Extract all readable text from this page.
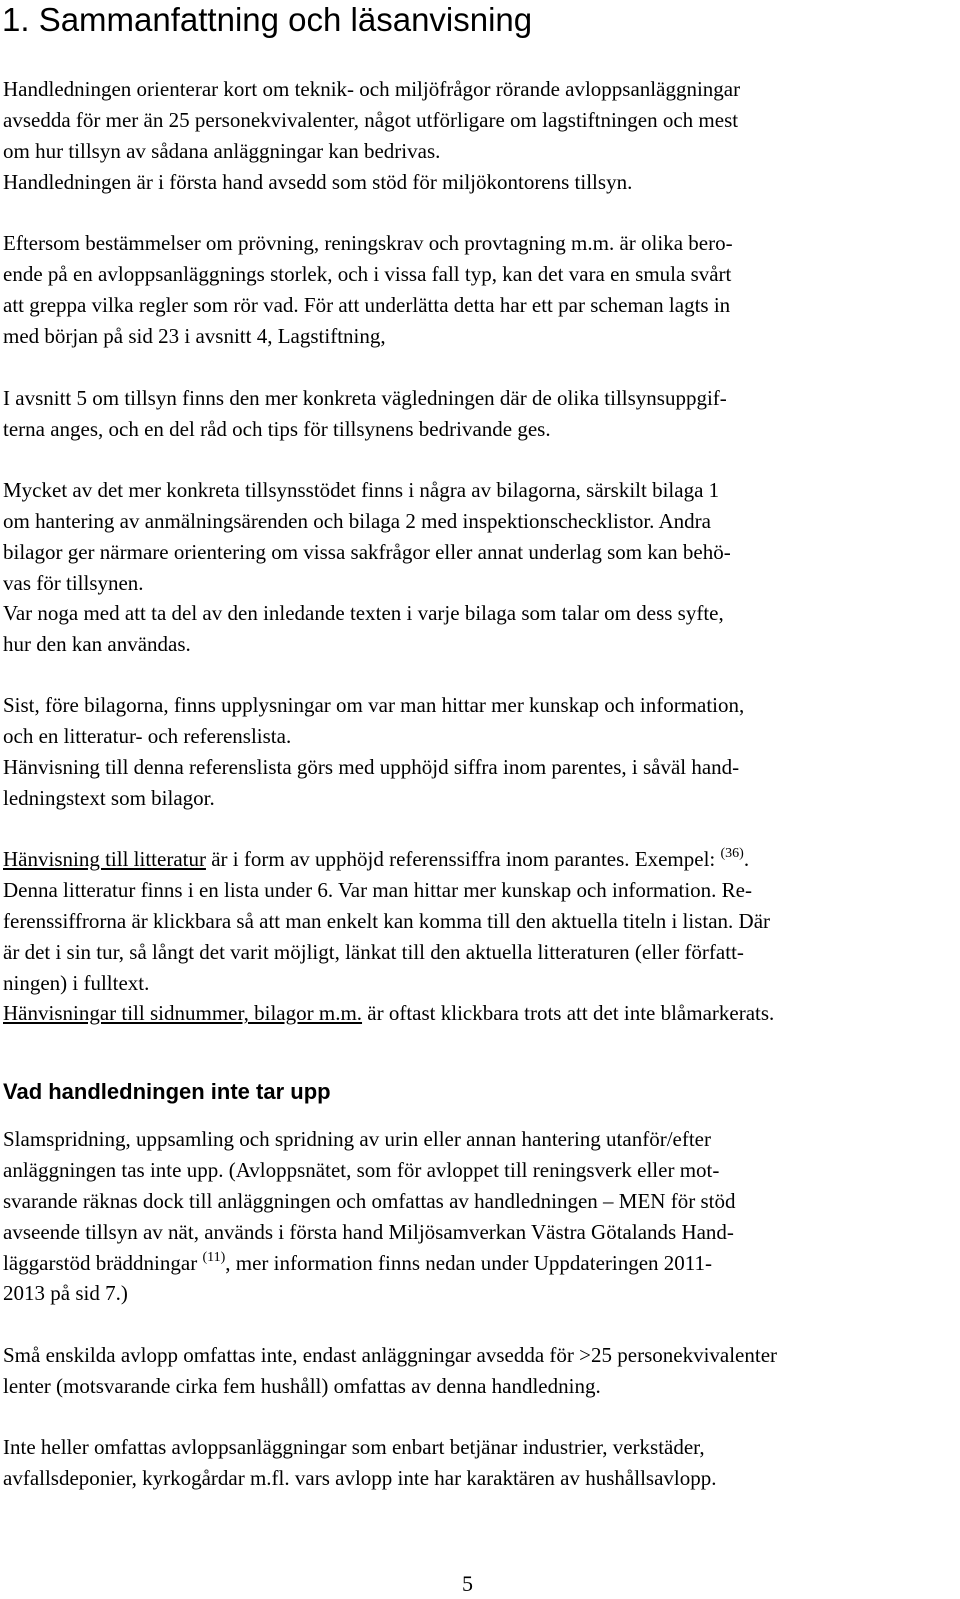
1. Sammanfattning och läsanvisning
Handledningen orienterar kort om teknik- och miljöfrågor rörande avloppsanläggningar
avsedda för mer än 25 personekvivalenter, något utförligare om lagstiftningen och mest
om hur tillsyn av sådana anläggningar kan bedrivas.
Handledningen är i första hand avsedd som stöd för miljökontorens tillsyn.
Eftersom bestämmelser om prövning, reningskrav och provtagning m.m. är olika bero-
ende på en avloppsanläggnings storlek, och i vissa fall typ, kan det vara en smula svårt
att greppa vilka regler som rör vad. För att underlätta detta har ett par scheman lagts in
med början på sid 23 i avsnitt 4, Lagstiftning,
I avsnitt 5 om tillsyn finns den mer konkreta vägledningen där de olika tillsynsuppgif-
terna anges, och en del råd och tips för tillsynens bedrivande ges.
Mycket av det mer konkreta tillsynsstödet finns i några av bilagorna, särskilt bilaga 1
om hantering av anmälningsärenden och bilaga 2 med inspektionschecklistor. Andra
bilagor ger närmare orientering om vissa sakfrågor eller annat underlag som kan behö-
vas för tillsynen.
Var noga med att ta del av den inledande texten i varje bilaga som talar om dess syfte,
hur den kan användas.
Sist, före bilagorna, finns upplysningar om var man hittar mer kunskap och information,
och en litteratur- och referenslista.
Hänvisning till denna referenslista görs med upphöjd siffra inom parentes, i såväl hand-
ledningstext som bilagor.
Hänvisning till litteratur är i form av upphöjd referenssiffra inom parantes. Exempel: $^{(36)}$.
Denna litteratur finns i en lista under 6. Var man hittar mer kunskap och information. Re-
ferenssiffrorna är klickbara så att man enkelt kan komma till den aktuella titeln i listan. Där
är det i sin tur, så långt det varit möjligt, länkat till den aktuella litteraturen (eller författ-
ningen) i fulltext.
Hänvisningar till sidnummer, bilagor m.m. är oftast klickbara trots att det inte blåmarkerats.
Vad handledningen inte tar upp
Slamspridning, uppsamling och spridning av urin eller annan hantering utanför/efter
anläggningen tas inte upp. (Avloppsnätet, som för avloppet till reningsverk eller mot-
svarande räknas dock till anläggningen och omfattas av handledningen – MEN för stöd
avseende tillsyn av nät, används i första hand Miljösamverkan Västra Götalands Hand-
läggarstöd bräddningar $^{(11)}$, mer information finns nedan under Uppdateringen 2011-
2013 på sid 7.)
Små enskilda avlopp omfattas inte, endast anläggningar avsedda för >25 personekvivalenter
lenter (motsvarande cirka fem hushåll) omfattas av denna handledning.
Inte heller omfattas avloppsanläggningar som enbart betjänar industrier, verkstäder,
avfallsdeponier, kyrkogårdar m.fl. vars avlopp inte har karaktären av hushållsavlopp.
5
